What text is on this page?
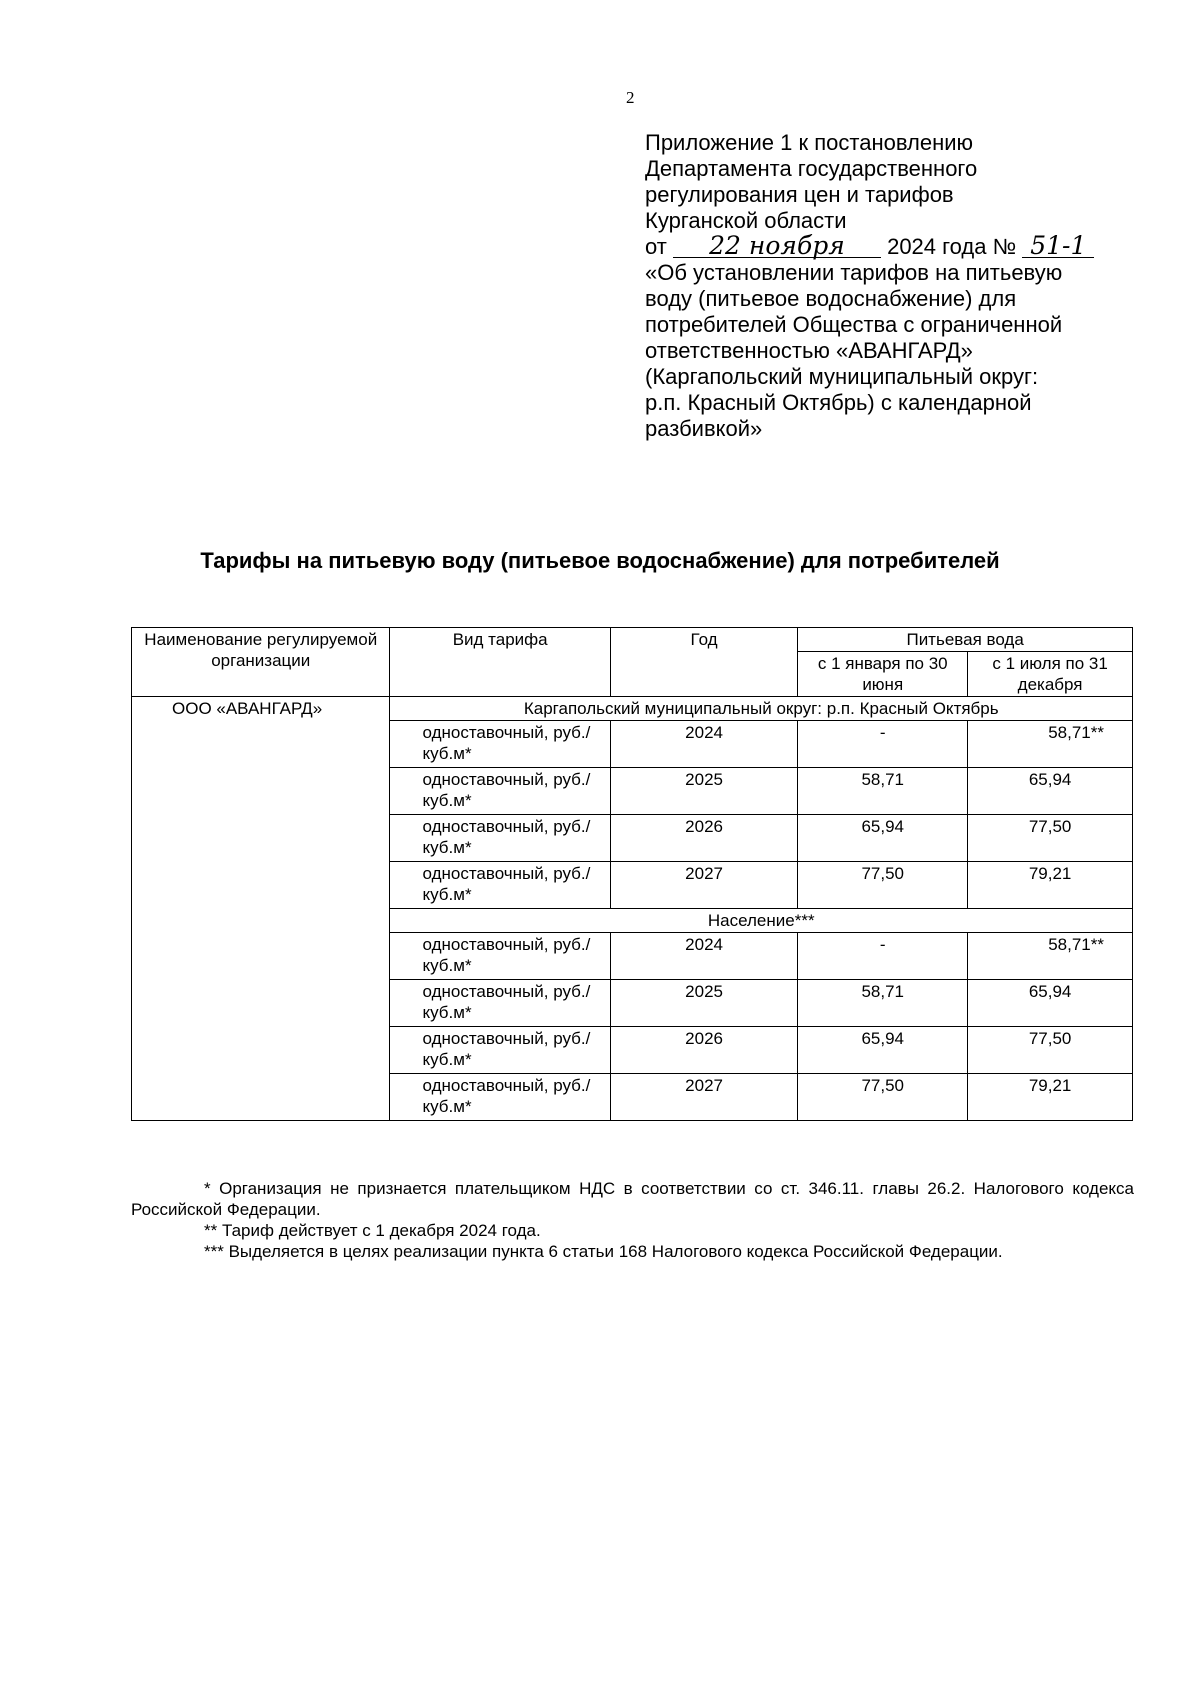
2
Приложение 1 к постановлению
Департамента государственного
регулирования цен и тарифов
Курганской области
от 22 ноября 2024 года № 51-1
«Об установлении тарифов на питьевую
воду (питьевое водоснабжение) для
потребителей Общества с ограниченной
ответственностью «АВАНГАРД»
(Каргапольский муниципальный округ:
р.п. Красный Октябрь) с календарной
разбивкой»
Тарифы на питьевую воду (питьевое водоснабжение) для потребителей
Наименование регулируемой организации	Вид тарифа	Год	Питьевая вода	
			с 1 января по 30 июня	с 1 июля по 31 декабря
ООО «АВАНГАРД»	Каргапольский муниципальный округ: р.п. Красный Октябрь			
	одноставочный, руб./куб.м*	2024	-	58,71**
	одноставочный, руб./куб.м*	2025	58,71	65,94
	одноставочный, руб./куб.м*	2026	65,94	77,50
	одноставочный, руб./куб.м*	2027	77,50	79,21
	Население***			
	одноставочный, руб./куб.м*	2024	-	58,71**
	одноставочный, руб./куб.м*	2025	58,71	65,94
	одноставочный, руб./куб.м*	2026	65,94	77,50
	одноставочный, руб./куб.м*	2027	77,50	79,21

* Организация не признается плательщиком НДС в соответствии со ст. 346.11. главы 26.2. Налогового кодекса Российской Федерации.

** Тариф действует с 1 декабря 2024 года.

*** Выделяется в целях реализации пункта 6 статьи 168 Налогового кодекса Российской Федерации.
